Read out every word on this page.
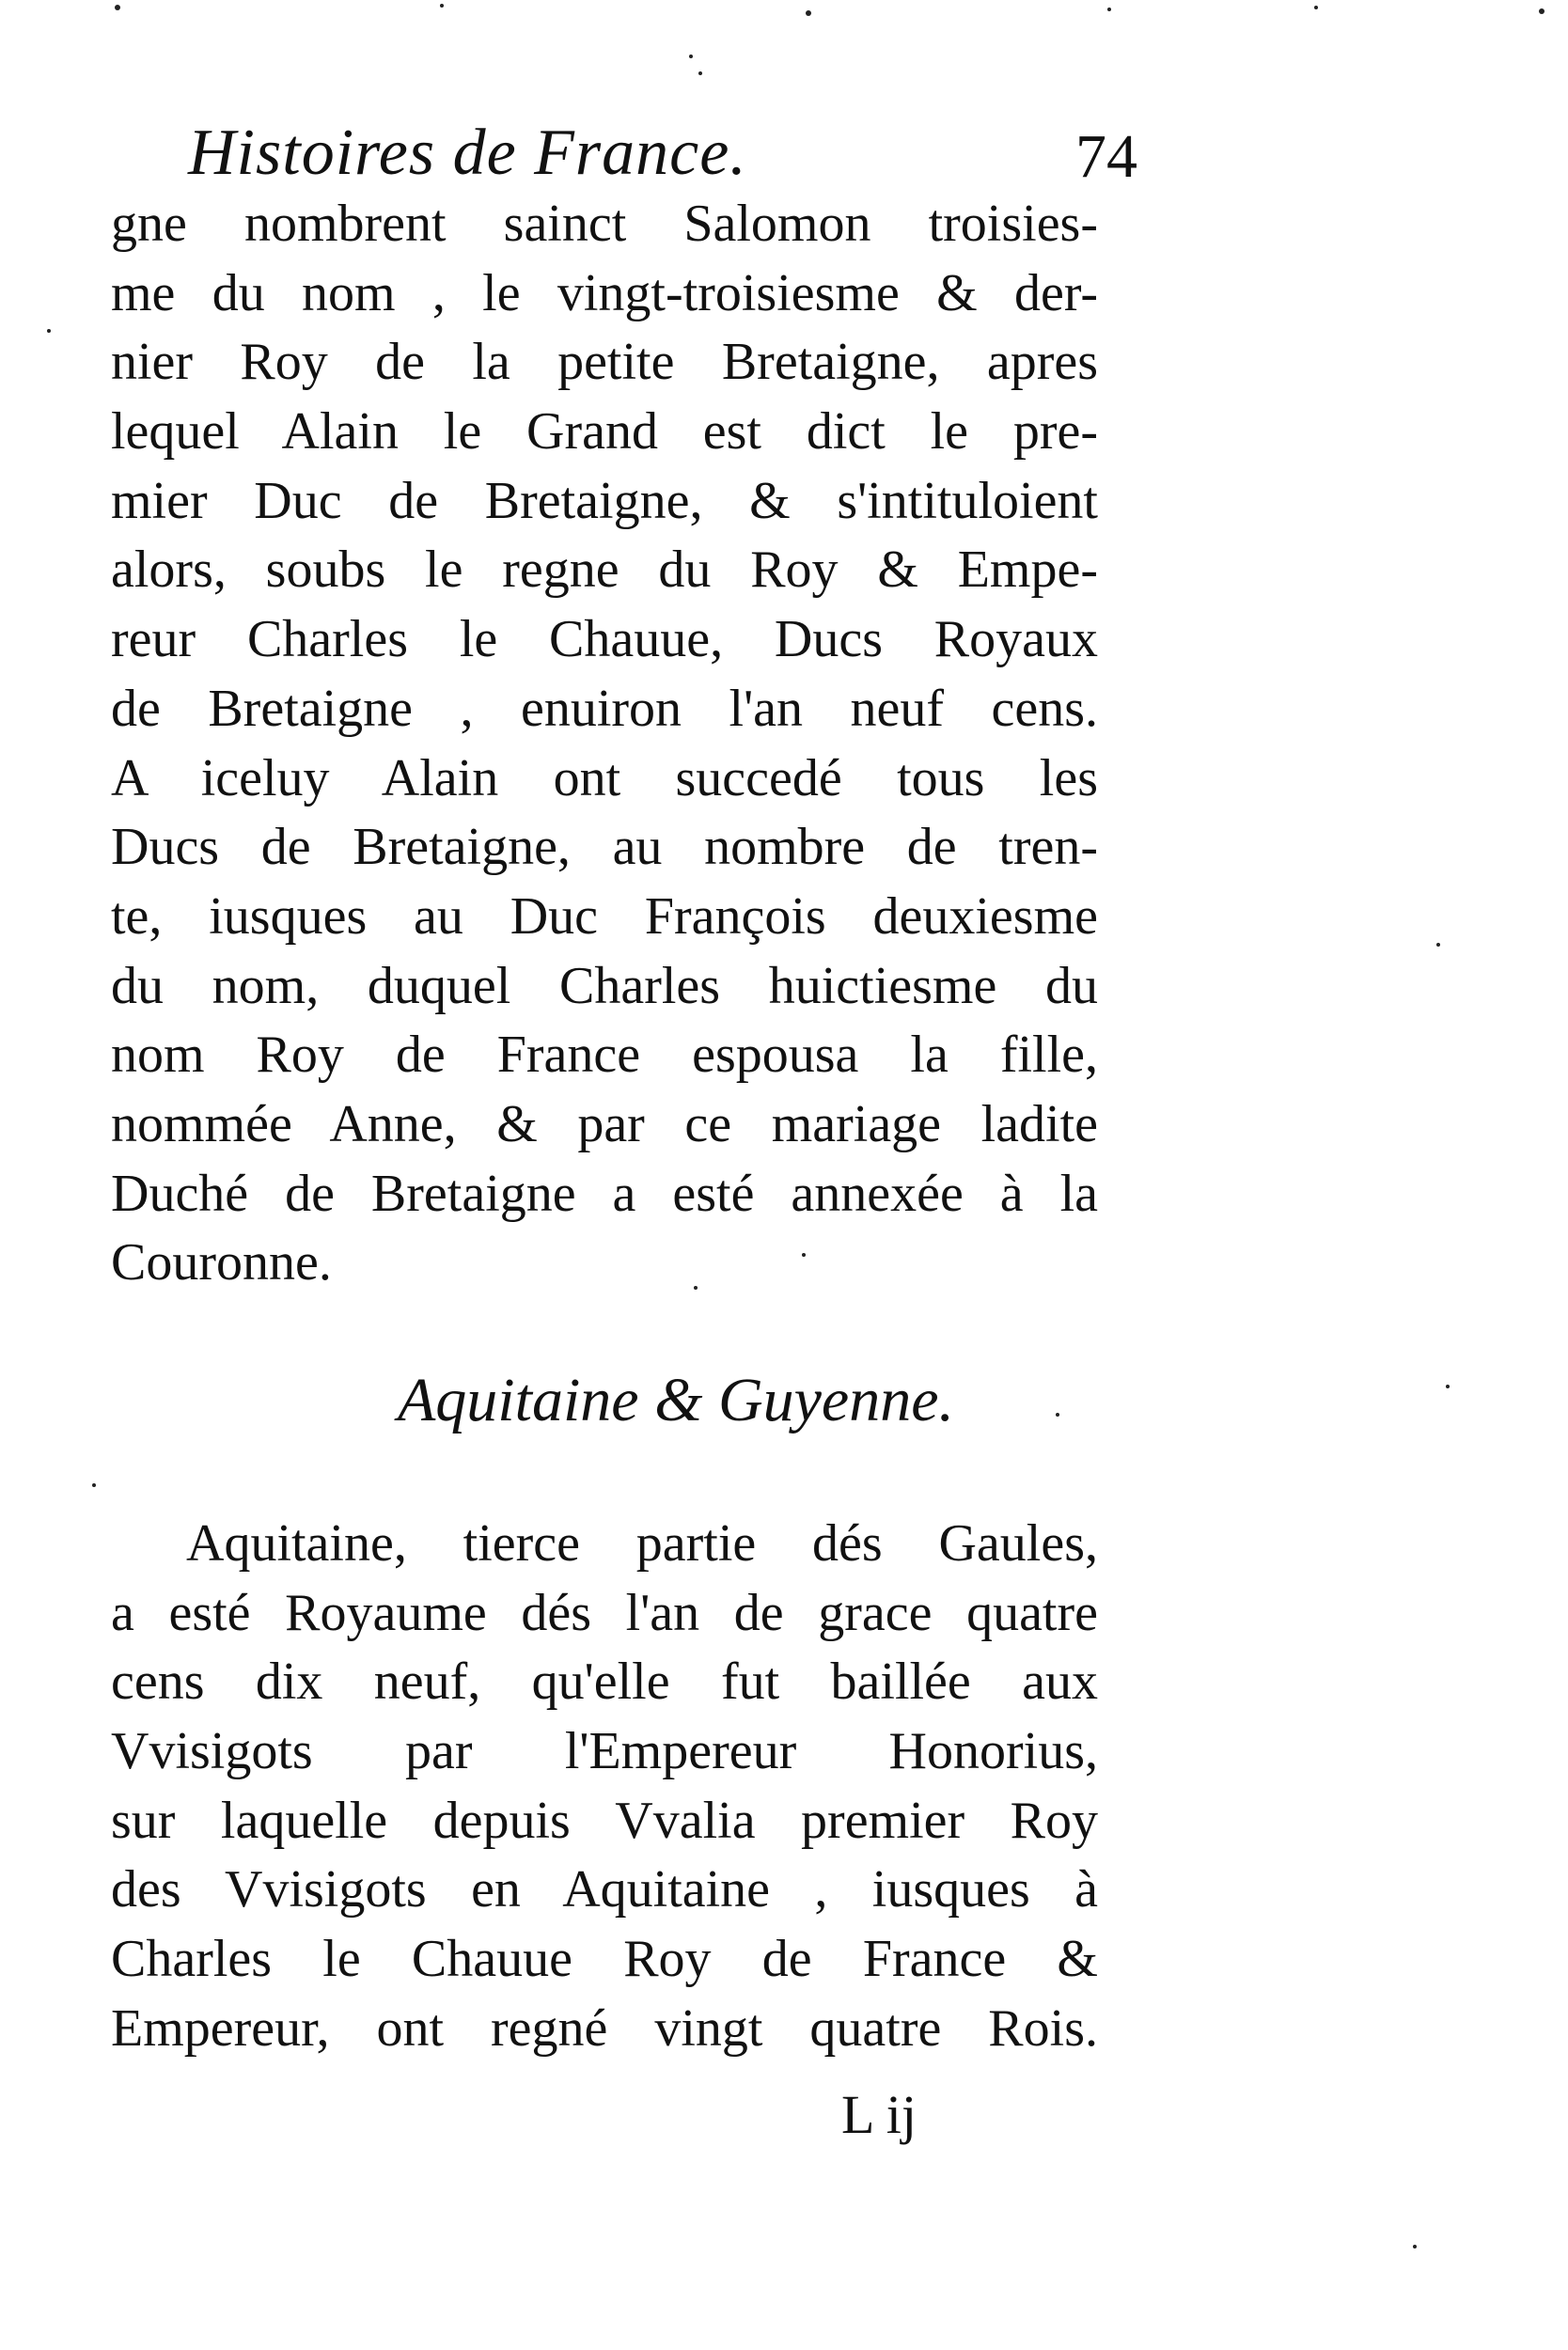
Histoires de France.	74
gne nombrent sainct Salomon troisies-
me du nom , le vingt-troisiesme & der-
nier Roy de la petite Bretaigne, apres
lequel Alain le Grand est dict le pre-
mier Duc de Bretaigne, & s'intituloient
alors, soubs le regne du Roy & Empe-
reur Charles le Chauue, Ducs Royaux
de Bretaigne , enuiron l'an neuf cens.
A iceluy Alain ont succedé tous les
Ducs de Bretaigne, au nombre de tren-
te, iusques au Duc François deuxiesme
du nom, duquel Charles huictiesme du
nom Roy de France espousa la fille,
nommée Anne, & par ce mariage ladite
Duché de Bretaigne a esté annexée à la
Couronne.
Aquitaine & Guyenne.
Aquitaine, tierce partie dés Gaules,
a esté Royaume dés l'an de grace quatre
cens dix neuf, qu'elle fut baillée aux
Vvisigots par l'Empereur Honorius,
sur laquelle depuis Vvalia premier Roy
des Vvisigots en Aquitaine , iusques à
Charles le Chauue Roy de France &
Empereur, ont regné vingt quatre Rois.
L ij
